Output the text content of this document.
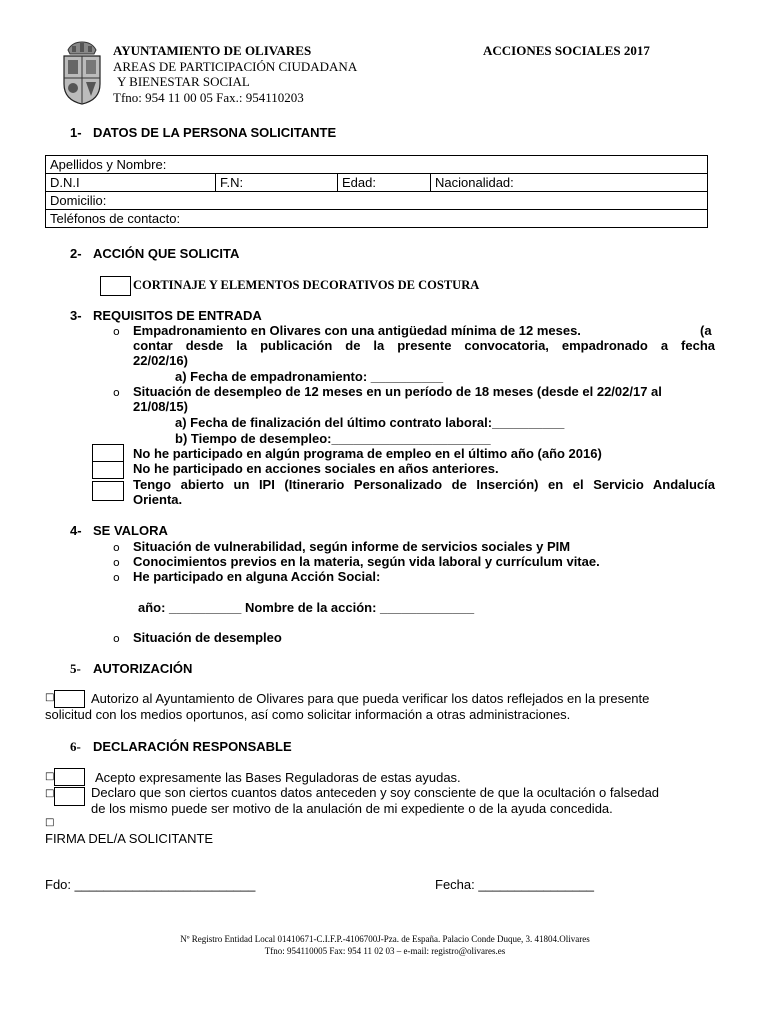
AYUNTAMIENTO DE OLIVARES
AREAS DE PARTICIPACIÓN CIUDADANA
Y BIENESTAR SOCIAL
Tfno: 954 11 00 05 Fax.: 954110203
ACCIONES SOCIALES 2017
1- DATOS DE LA PERSONA SOLICITANTE
Apellidos y Nombre:
D.N.I	F.N:	Edad:	Nacionalidad:
Domicilio:
Teléfonos de contacto:
2- ACCIÓN QUE SOLICITA
CORTINAJE Y ELEMENTOS DECORATIVOS DE COSTURA
3- REQUISITOS DE ENTRADA
o Empadronamiento en Olivares con una antigüedad mínima de 12 meses.	(a
contar desde la publicación de la presente convocatoria, empadronado a fecha
22/02/16)
a) Fecha de empadronamiento: __________
o Situación de desempleo de 12 meses en un período de 18 meses (desde el 22/02/17 al
21/08/15)
a) Fecha de finalización del último contrato laboral:__________
b) Tiempo de desempleo:______________________
No he participado en algún programa de empleo en el último año (año 2016)
No he participado en acciones sociales en años anteriores.
Tengo abierto un IPI (Itinerario Personalizado de Inserción) en el Servicio Andalucía
Orienta.
4- SE VALORA
o Situación de vulnerabilidad, según informe de servicios sociales y PIM
o Conocimientos previos en la materia, según vida laboral y currículum vitae.
o He participado en alguna Acción Social:
año: __________ Nombre de la acción: _____________
o Situación de desempleo
5- AUTORIZACIÓN
□	Autorizo al Ayuntamiento de Olivares para que pueda verificar los datos reflejados en la presente
solicitud con los medios oportunos, así como solicitar información a otras administraciones.
6- DECLARACIÓN RESPONSABLE
□	Acepto expresamente las Bases Reguladoras de estas ayudas.
□	Declaro que son ciertos cuantos datos anteceden y soy consciente de que la ocultación o falsedad
de los mismo puede ser motivo de la anulación de mi expediente o de la ayuda concedida.
□
FIRMA DEL/A SOLICITANTE
Fdo: _________________________	Fecha: ________________
Nº Registro Entidad Local 01410671-C.I.F.P.-4106700J-Pza. de España. Palacio Conde Duque, 3. 41804.Olivares
Tfno: 954110005 Fax: 954 11 02 03 – e-mail: registro@olivares.es
